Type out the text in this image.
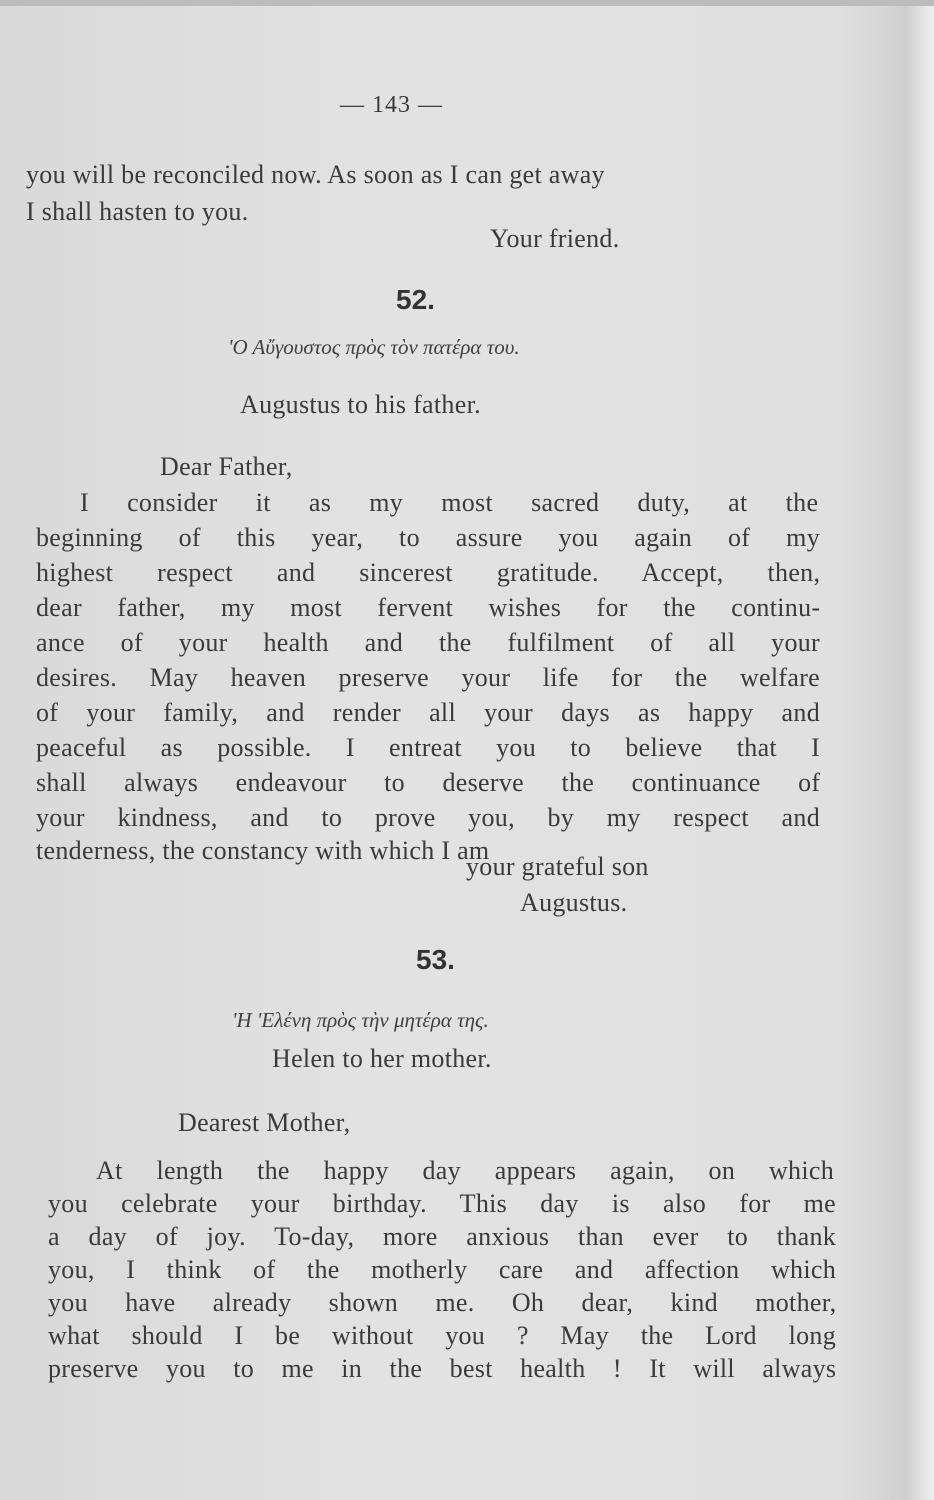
— 143 —
you will be reconciled now. As soon as I can get away
I shall hasten to you.
Your friend.
52.
'Ο Αὔγουστος πρὸς τὸν πατέρα του.
Augustus to his father.
Dear Father,
I consider it as my most sacred duty, at the
beginning of this year, to assure you again of my
highest respect and sincerest gratitude. Accept, then,
dear father, my most fervent wishes for the continu-
ance of your health and the fulfilment of all your
desires. May heaven preserve your life for the welfare
of your family, and render all your days as happy and
peaceful as possible. I entreat you to believe that I
shall always endeavour to deserve the continuance of
your kindness, and to prove you, by my respect and
tenderness, the constancy with which I am
your grateful son
Augustus.
53.
'Η 'Ελένη πρὸς τὴν μητέρα της.
Helen to her mother.
Dearest Mother,
At length the happy day appears again, on which
you celebrate your birthday. This day is also for me
a day of joy. To-day, more anxious than ever to thank
you, I think of the motherly care and affection which
you have already shown me. Oh dear, kind mother,
what should I be without you ? May the Lord long
preserve you to me in the best health ! It will always
